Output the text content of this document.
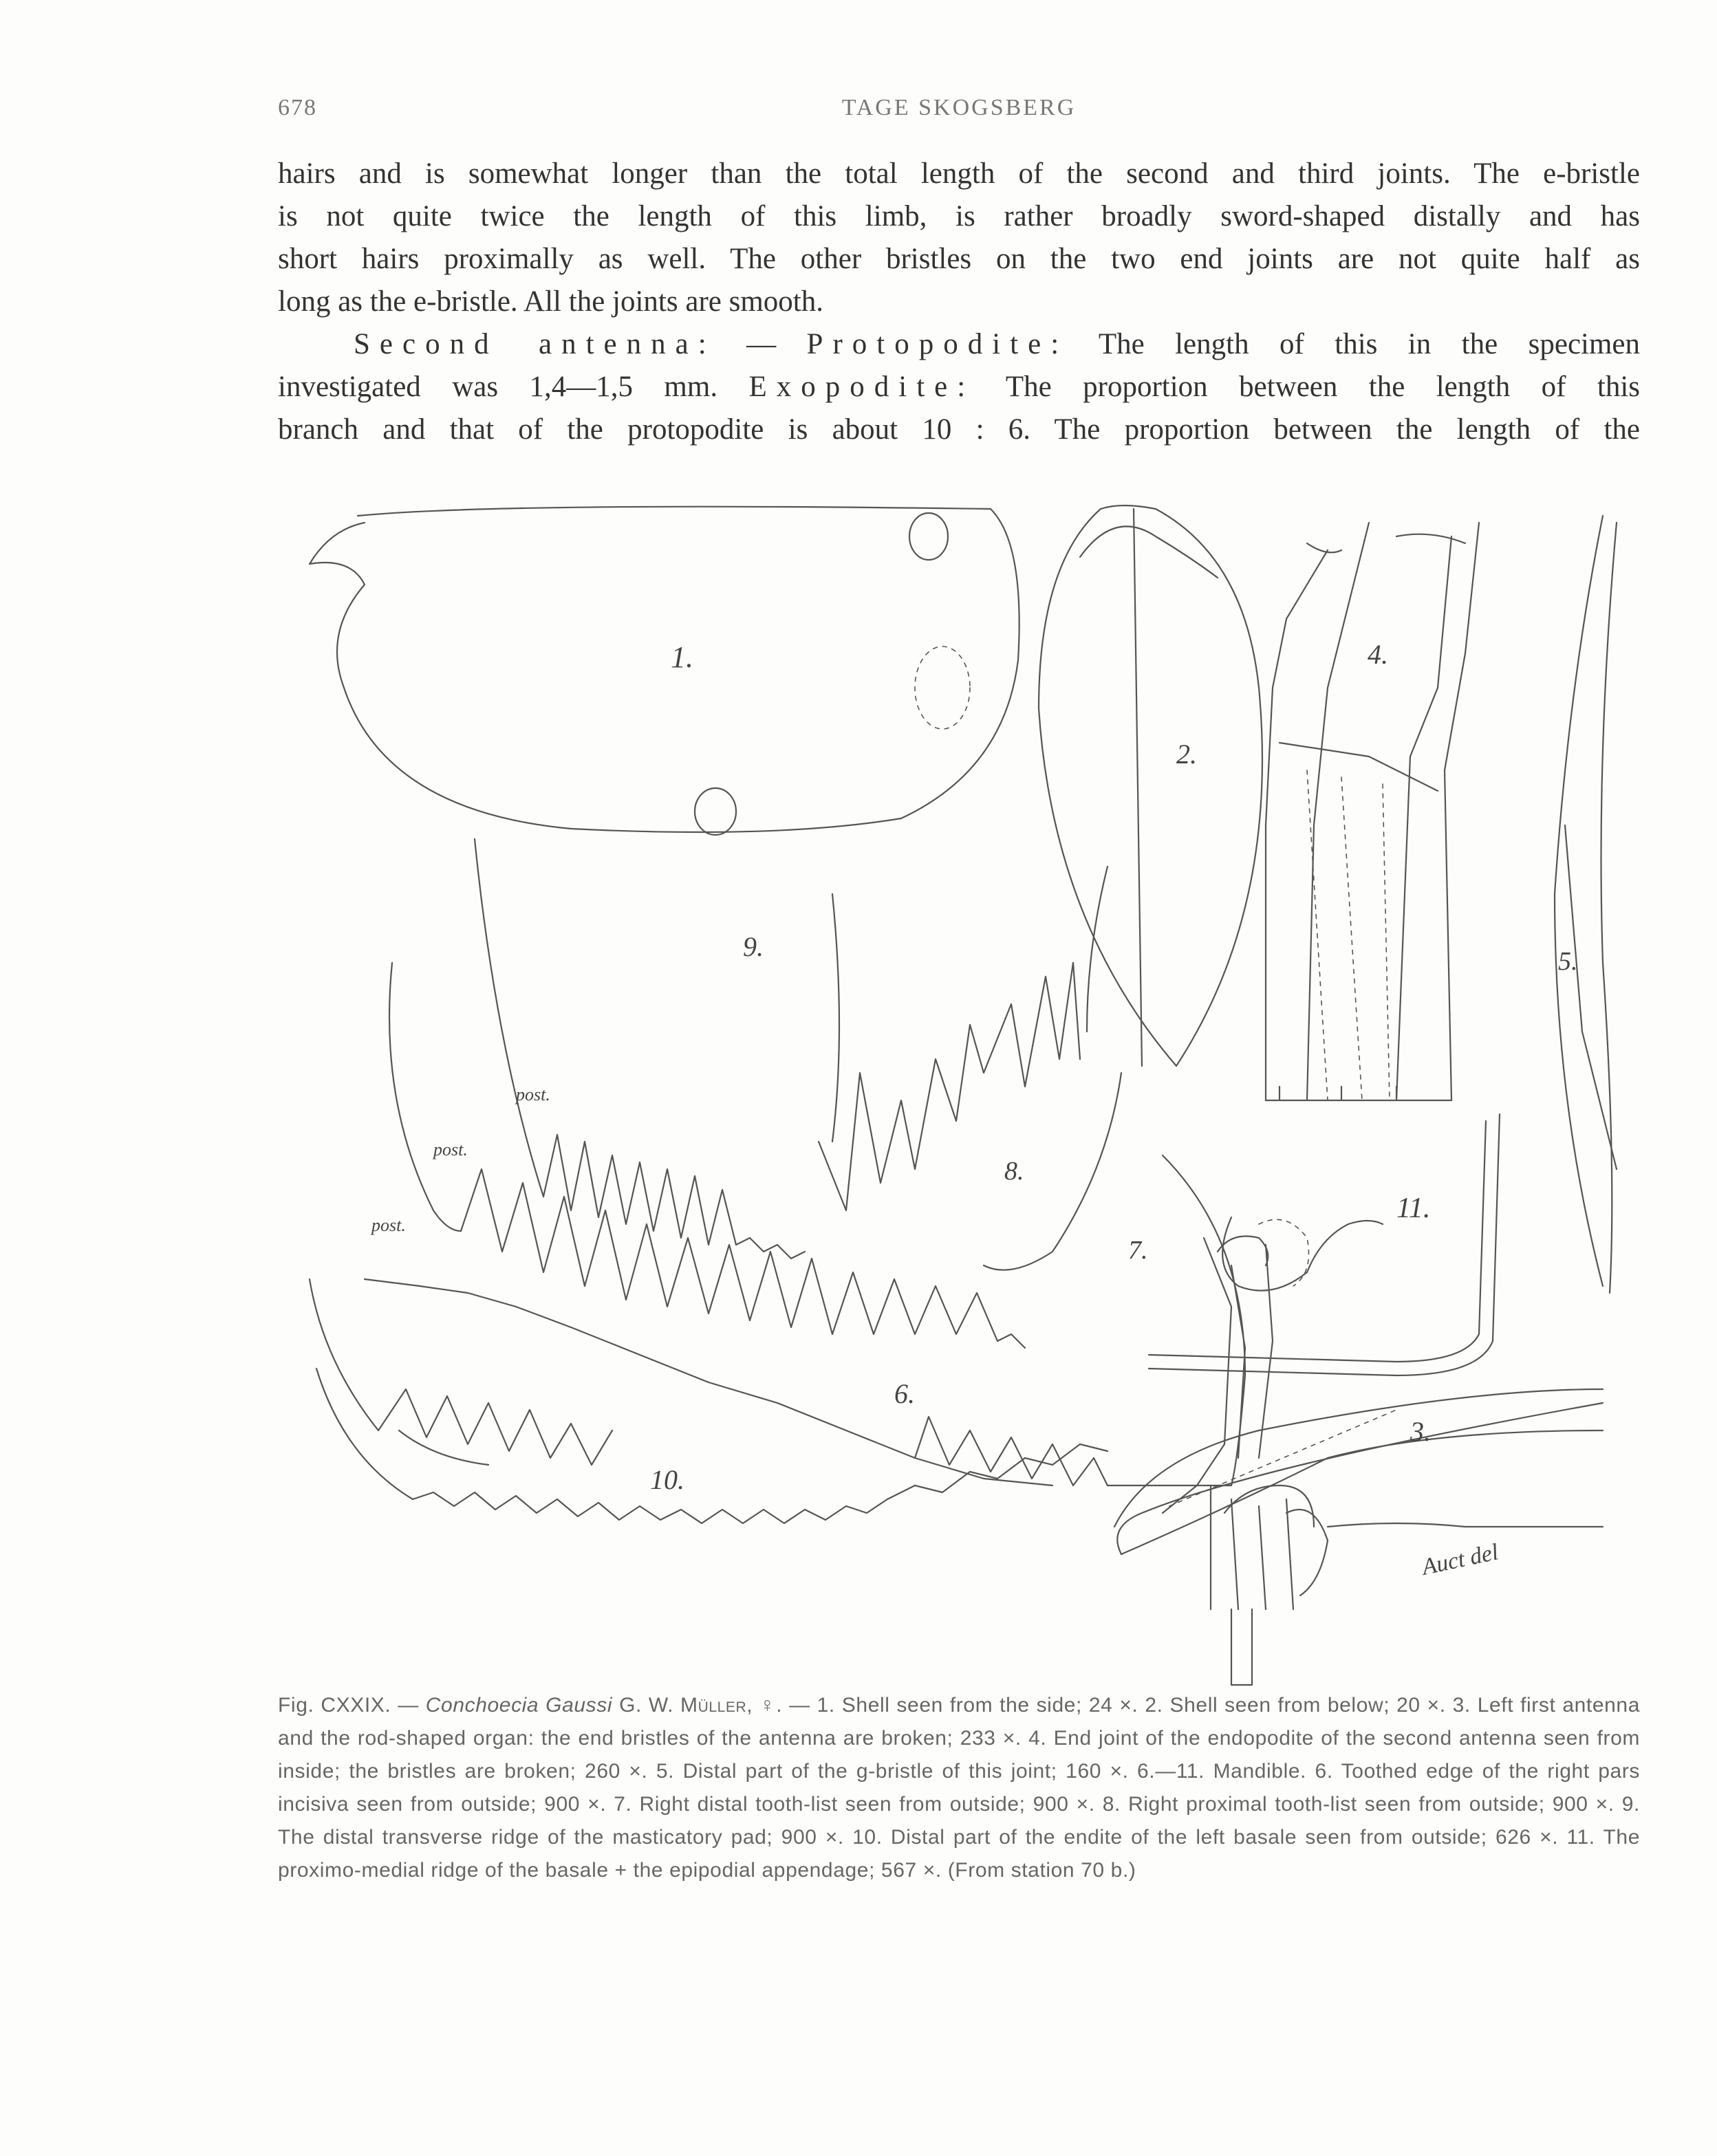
678	TAGE SKOGSBERG

hairs and is somewhat longer than the total length of the second and third joints. The e-bristle

is not quite twice the length of this limb, is rather broadly sword-shaped distally and has

short hairs proximally as well. The other bristles on the two end joints are not quite half as

long as the e-bristle. All the joints are smooth.

Second antenna: — Protopodite: The length of this in the specimen

investigated was 1,4—1,5 mm. Exopodite: The proportion between the length of this

branch and that of the protopodite is about 10 : 6. The proportion between the length of the

1.
2.
4.
5.
9.
8.
post.
7.
post.
6.
post.
10.
3.
11.
Auct del

Fig. CXXIX. — Conchoecia Gaussi G. W. Müller, ♀. — 1. Shell seen from the side; 24 ×. 2. Shell seen from below; 20 ×. 3. Left first antenna and the rod-shaped organ: the end bristles of the antenna are broken; 233 ×. 4. End joint of the endopodite of the second antenna seen from inside; the bristles are broken; 260 ×. 5. Distal part of the g-bristle of this joint; 160 ×. 6.—11. Mandible. 6. Toothed edge of the right pars incisiva seen from outside; 900 ×. 7. Right distal tooth-list seen from outside; 900 ×. 8. Right proximal tooth-list seen from outside; 900 ×. 9. The distal transverse ridge of the masticatory pad; 900 ×. 10. Distal part of the endite of the left basale seen from outside; 626 ×. 11. The proximo-medial ridge of the basale + the epipodial appendage; 567 ×. (From station 70 b.)
